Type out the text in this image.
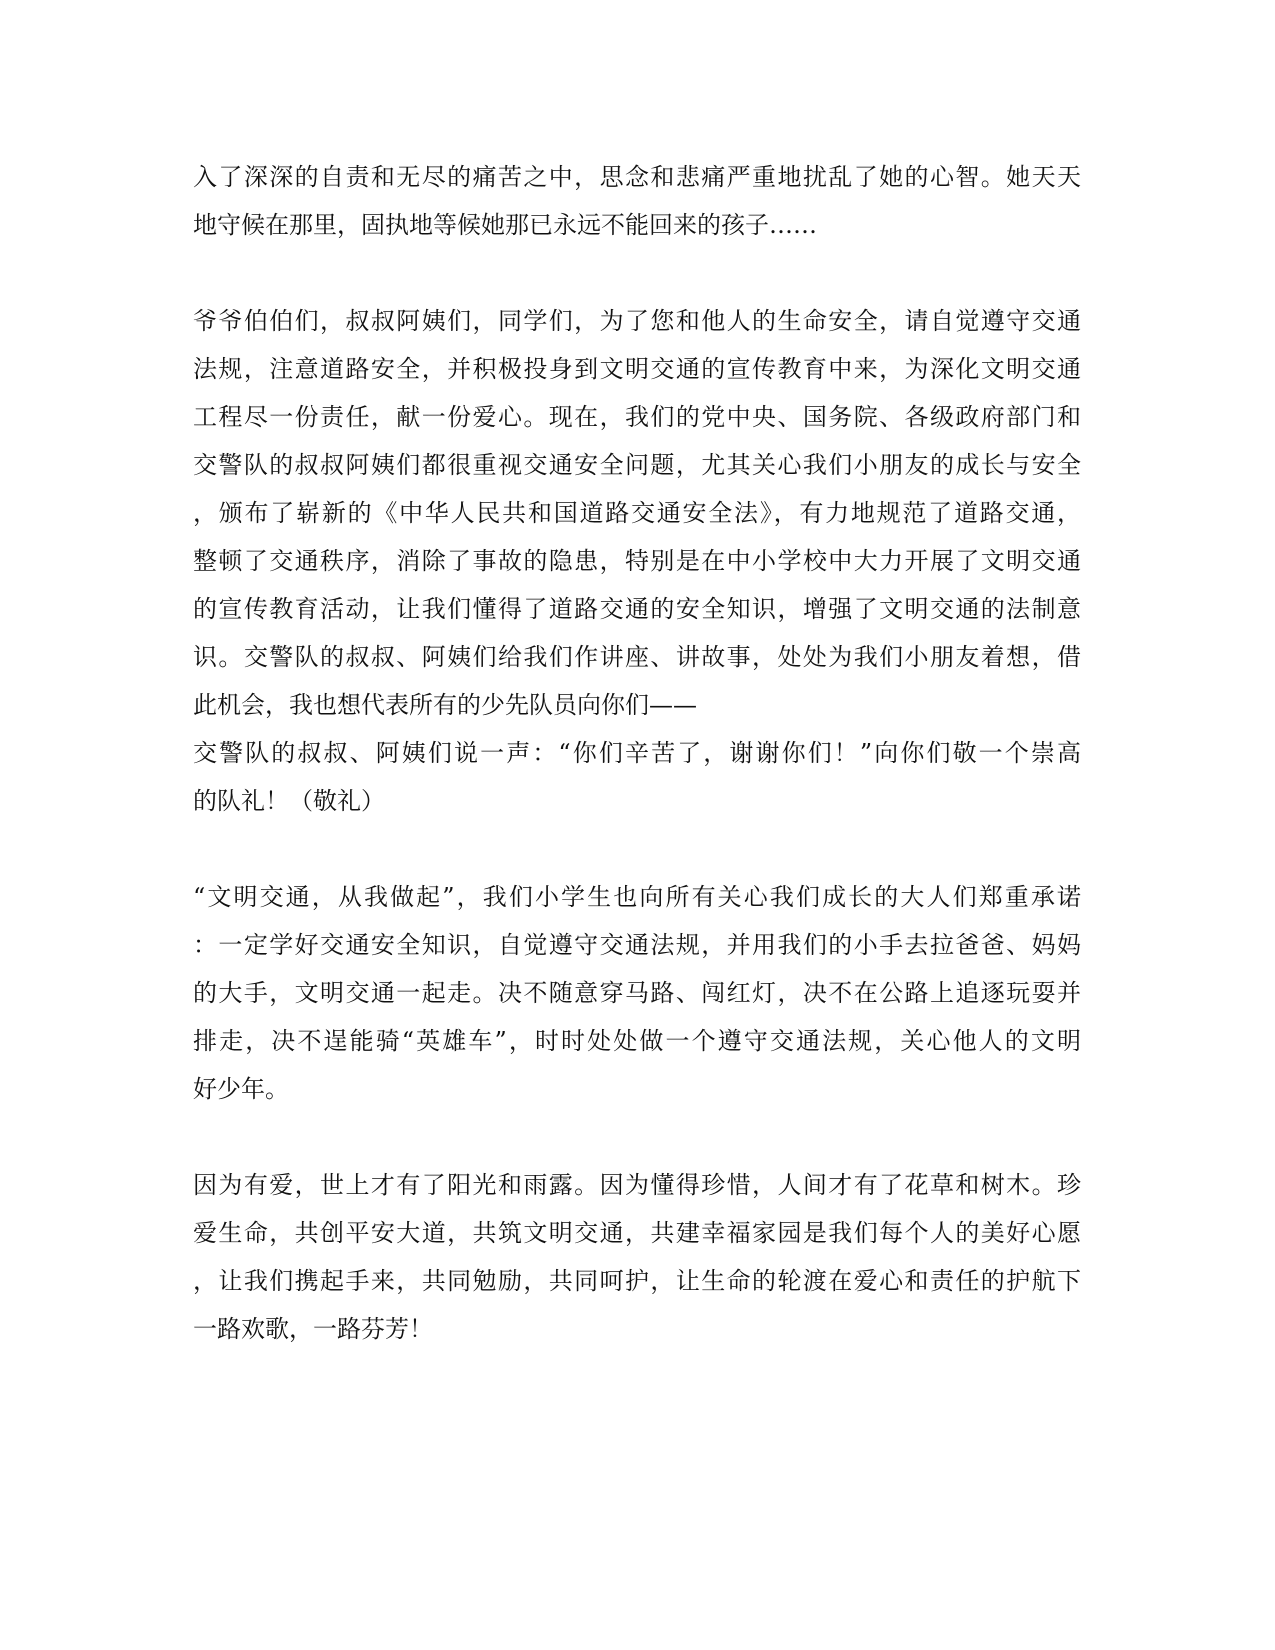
入了深深的自责和无尽的痛苦之中，思念和悲痛严重地扰乱了她的心智。她天天
地守候在那里，固执地等候她那已永远不能回来的孩子……

爷爷伯伯们，叔叔阿姨们，同学们，为了您和他人的生命安全，请自觉遵守交通
法规，注意道路安全，并积极投身到文明交通的宣传教育中来，为深化文明交通
工程尽一份责任，献一份爱心。现在，我们的党中央、国务院、各级政府部门和
交警队的叔叔阿姨们都很重视交通安全问题，尤其关心我们小朋友的成长与安全
，颁布了崭新的《中华人民共和国道路交通安全法》，有力地规范了道路交通，
整顿了交通秩序，消除了事故的隐患，特别是在中小学校中大力开展了文明交通
的宣传教育活动，让我们懂得了道路交通的安全知识，增强了文明交通的法制意
识。交警队的叔叔、阿姨们给我们作讲座、讲故事，处处为我们小朋友着想，借
此机会，我也想代表所有的少先队员向你们——

交警队的叔叔、阿姨们说一声：“你们辛苦了，谢谢你们！”向你们敬一个崇高
的队礼！（敬礼）

“文明交通，从我做起”，我们小学生也向所有关心我们成长的大人们郑重承诺
：一定学好交通安全知识，自觉遵守交通法规，并用我们的小手去拉爸爸、妈妈
的大手，文明交通一起走。决不随意穿马路、闯红灯，决不在公路上追逐玩耍并
排走，决不逞能骑“英雄车”，时时处处做一个遵守交通法规，关心他人的文明
好少年。

因为有爱，世上才有了阳光和雨露。因为懂得珍惜，人间才有了花草和树木。珍
爱生命，共创平安大道，共筑文明交通，共建幸福家园是我们每个人的美好心愿
，让我们携起手来，共同勉励，共同呵护，让生命的轮渡在爱心和责任的护航下
一路欢歌，一路芬芳！
